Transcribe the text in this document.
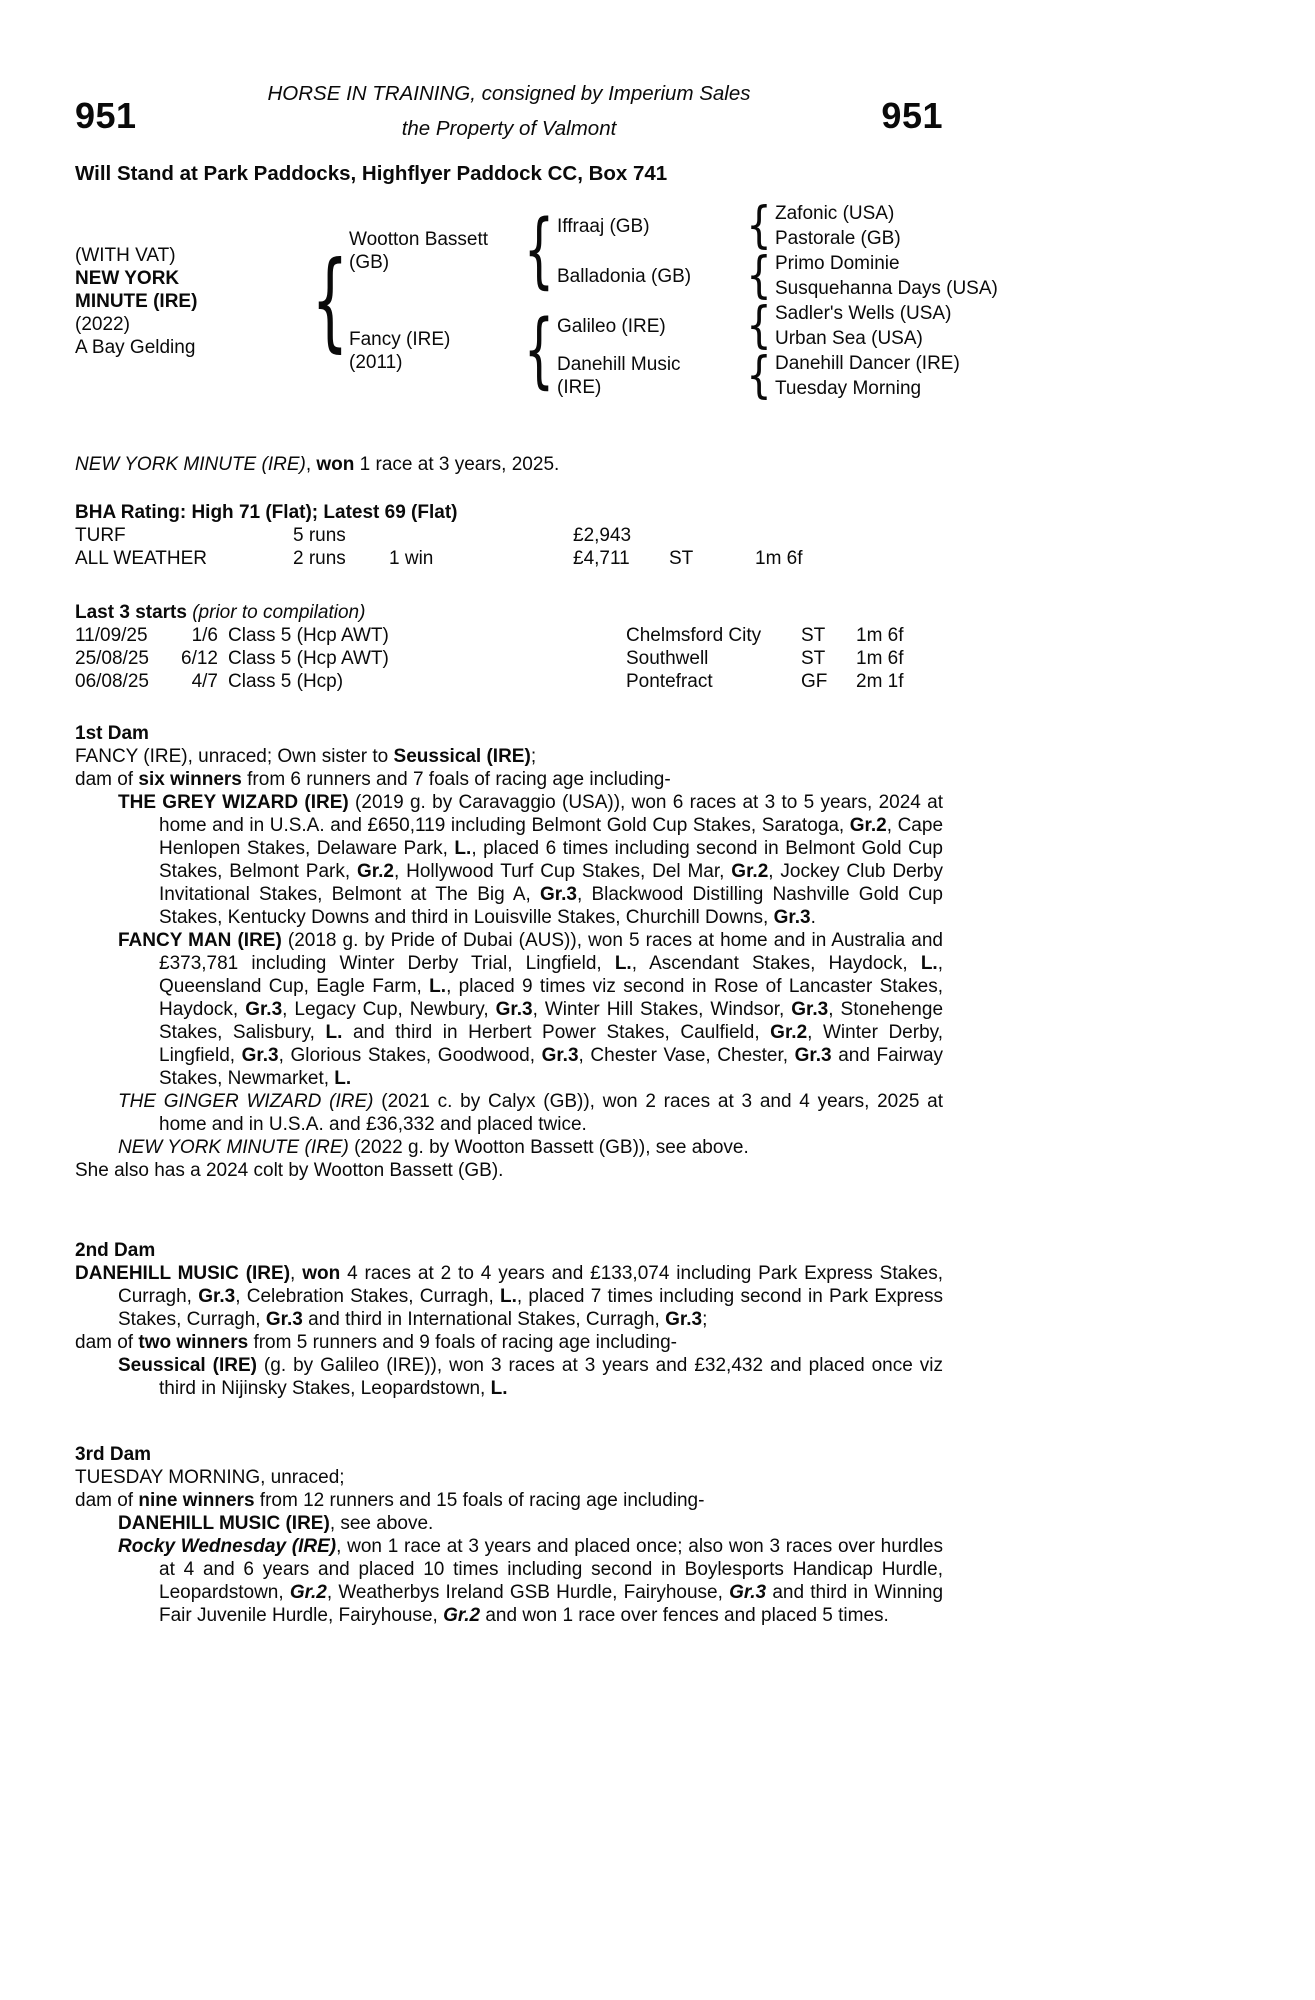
HORSE IN TRAINING, consigned by Imperium Sales
the Property of Valmont
951	951
Will Stand at Park Paddocks, Highflyer Paddock CC, Box 741
(WITH VAT)
NEW YORK
MINUTE (IRE)
(2022)
A Bay Gelding
{
Wootton Bassett
(GB)
Fancy (IRE)
(2011)
{
{
Iffraaj (GB)
Balladonia (GB)
Galileo (IRE)
Danehill Music
(IRE)
{
{
{
{
Zafonic (USA)
Pastorale (GB)
Primo Dominie
Susquehanna Days (USA)
Sadler's Wells (USA)
Urban Sea (USA)
Danehill Dancer (IRE)
Tuesday Morning
NEW YORK MINUTE (IRE), won 1 race at 3 years, 2025.
BHA Rating: High 71 (Flat); Latest 69 (Flat)
TURF	5 runs	£2,943
ALL WEATHER	2 runs	1 win	£4,711	ST	1m 6f
Last 3 starts (prior to compilation)
11/09/25	1/6 Class 5 (Hcp AWT)	Chelmsford City	ST	1m 6f
25/08/25	6/12 Class 5 (Hcp AWT)	Southwell	ST	1m 6f
06/08/25	4/7 Class 5 (Hcp)	Pontefract	GF	2m 1f
1st Dam
FANCY (IRE), unraced; Own sister to Seussical (IRE);
dam of six winners from 6 runners and 7 foals of racing age including-
THE GREY WIZARD (IRE) (2019 g. by Caravaggio (USA)), won 6 races at 3 to 5 years, 2024 at home and in U.S.A. and £650,119 including Belmont Gold Cup Stakes, Saratoga, Gr.2, Cape Henlopen Stakes, Delaware Park, L., placed 6 times including second in Belmont Gold Cup Stakes, Belmont Park, Gr.2, Hollywood Turf Cup Stakes, Del Mar, Gr.2, Jockey Club Derby Invitational Stakes, Belmont at The Big A, Gr.3, Blackwood Distilling Nashville Gold Cup Stakes, Kentucky Downs and third in Louisville Stakes, Churchill Downs, Gr.3.
FANCY MAN (IRE) (2018 g. by Pride of Dubai (AUS)), won 5 races at home and in Australia and £373,781 including Winter Derby Trial, Lingfield, L., Ascendant Stakes, Haydock, L., Queensland Cup, Eagle Farm, L., placed 9 times viz second in Rose of Lancaster Stakes, Haydock, Gr.3, Legacy Cup, Newbury, Gr.3, Winter Hill Stakes, Windsor, Gr.3, Stonehenge Stakes, Salisbury, L. and third in Herbert Power Stakes, Caulfield, Gr.2, Winter Derby, Lingfield, Gr.3, Glorious Stakes, Goodwood, Gr.3, Chester Vase, Chester, Gr.3 and Fairway Stakes, Newmarket, L.
THE GINGER WIZARD (IRE) (2021 c. by Calyx (GB)), won 2 races at 3 and 4 years, 2025 at home and in U.S.A. and £36,332 and placed twice.
NEW YORK MINUTE (IRE) (2022 g. by Wootton Bassett (GB)), see above.
She also has a 2024 colt by Wootton Bassett (GB).
2nd Dam
DANEHILL MUSIC (IRE), won 4 races at 2 to 4 years and £133,074 including Park Express Stakes, Curragh, Gr.3, Celebration Stakes, Curragh, L., placed 7 times including second in Park Express Stakes, Curragh, Gr.3 and third in International Stakes, Curragh, Gr.3;
dam of two winners from 5 runners and 9 foals of racing age including-
Seussical (IRE) (g. by Galileo (IRE)), won 3 races at 3 years and £32,432 and placed once viz third in Nijinsky Stakes, Leopardstown, L.
3rd Dam
TUESDAY MORNING, unraced;
dam of nine winners from 12 runners and 15 foals of racing age including-
DANEHILL MUSIC (IRE), see above.
Rocky Wednesday (IRE), won 1 race at 3 years and placed once; also won 3 races over hurdles at 4 and 6 years and placed 10 times including second in Boylesports Handicap Hurdle, Leopardstown, Gr.2, Weatherbys Ireland GSB Hurdle, Fairyhouse, Gr.3 and third in Winning Fair Juvenile Hurdle, Fairyhouse, Gr.2 and won 1 race over fences and placed 5 times.
